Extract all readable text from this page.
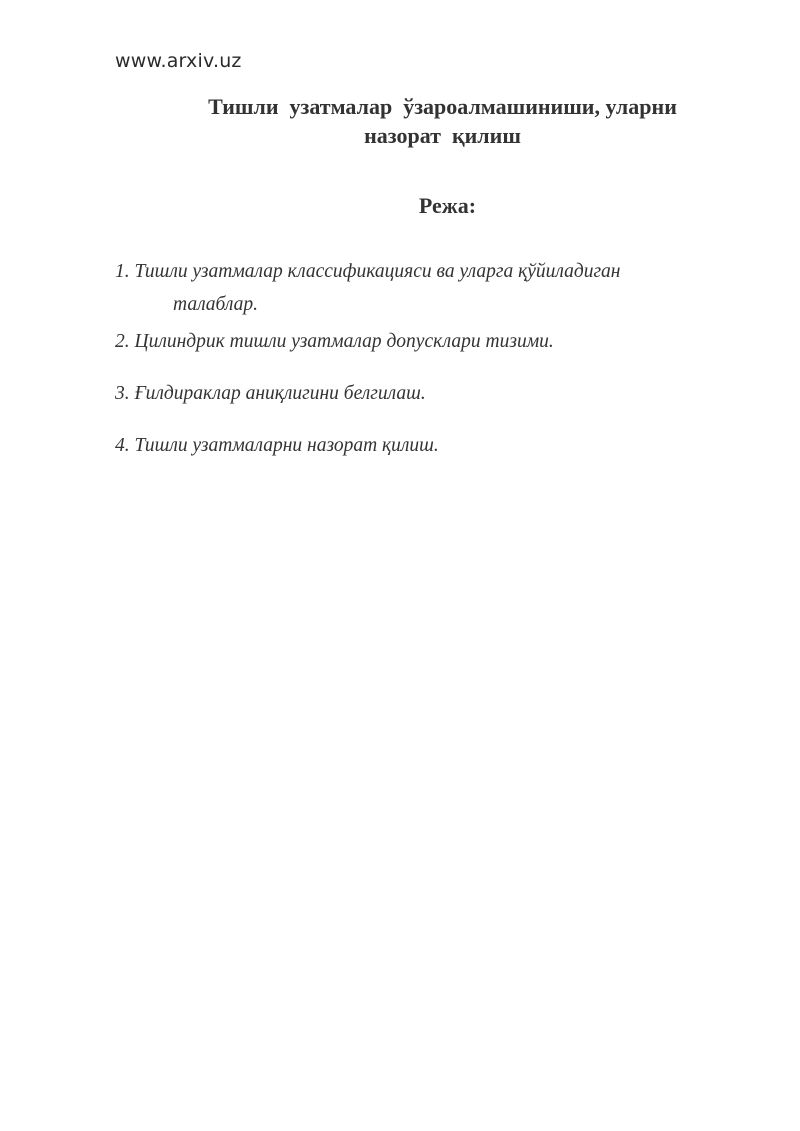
www.arxiv.uz
Тишли  узатмалар  ўзароалмашиниши, уларни
назорат  қилиш
Режа:
1. Тишли узатмалар классификацияси ва уларга қўйиладиган
талаблар.
2. Цилиндрик тишли узатмалар допусклари тизими.
3. Ғилдираклар аниқлигини белгилаш.
4. Тишли узатмаларни назорат қилиш.
